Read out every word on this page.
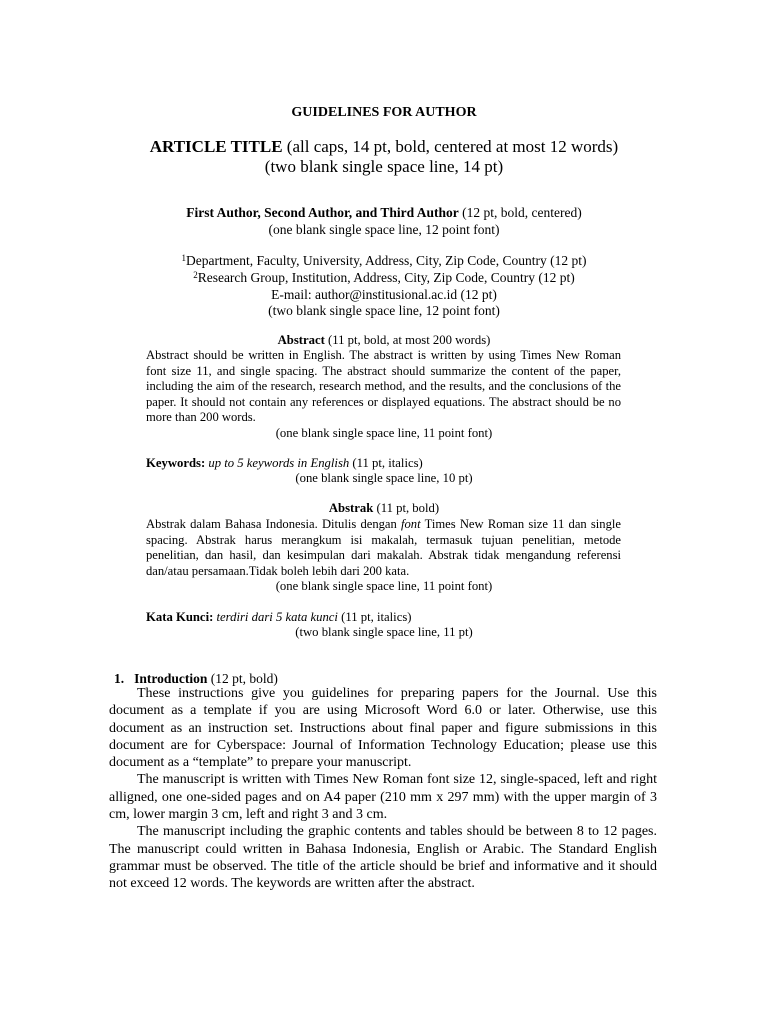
GUIDELINES FOR AUTHOR
ARTICLE TITLE (all caps, 14 pt, bold, centered at most 12 words)
(two blank single space line, 14 pt)
First Author, Second Author, and Third Author (12 pt, bold, centered)
(one blank single space line, 12 point font)
$^1$Department, Faculty, University, Address, City, Zip Code, Country (12 pt)
$^2$Research Group, Institution, Address, City, Zip Code, Country (12 pt)
E-mail: author@institusional.ac.id (12 pt)
(two blank single space line, 12 point font)
Abstract (11 pt, bold, at most 200 words)
Abstract should be written in English. The abstract is written by using Times New Roman font size 11, and single spacing. The abstract should summarize the content of the paper, including the aim of the research, research method, and the results, and the conclusions of the paper. It should not contain any references or displayed equations. The abstract should be no more than 200 words.
(one blank single space line, 11 point font)
Keywords: up to 5 keywords in English (11 pt, italics)
(one blank single space line, 10 pt)
Abstrak (11 pt, bold)
Abstrak dalam Bahasa Indonesia. Ditulis dengan font Times New Roman size 11 dan single spacing. Abstrak harus merangkum isi makalah, termasuk tujuan penelitian, metode penelitian, dan hasil, dan kesimpulan dari makalah. Abstrak tidak mengandung referensi dan/atau persamaan.Tidak boleh lebih dari 200 kata.
(one blank single space line, 11 point font)
Kata Kunci: terdiri dari 5 kata kunci (11 pt, italics)
(two blank single space line, 11 pt)
1. Introduction (12 pt, bold)

These instructions give you guidelines for preparing papers for the Journal. Use this document as a template if you are using Microsoft Word 6.0 or later. Otherwise, use this document as an instruction set. Instructions about final paper and figure submissions in this document are for Cyberspace: Journal of Information Technology Education; please use this document as a “template” to prepare your manuscript.

The manuscript is written with Times New Roman font size 12, single-spaced, left and right alligned, one one-sided pages and on A4 paper (210 mm x 297 mm) with the upper margin of 3 cm, lower margin 3 cm, left and right 3 and 3 cm.

The manuscript including the graphic contents and tables should be between 8 to 12 pages. The manuscript could written in Bahasa Indonesia, English or Arabic. The Standard English grammar must be observed. The title of the article should be brief and informative and it should not exceed 12 words. The keywords are written after the abstract.
